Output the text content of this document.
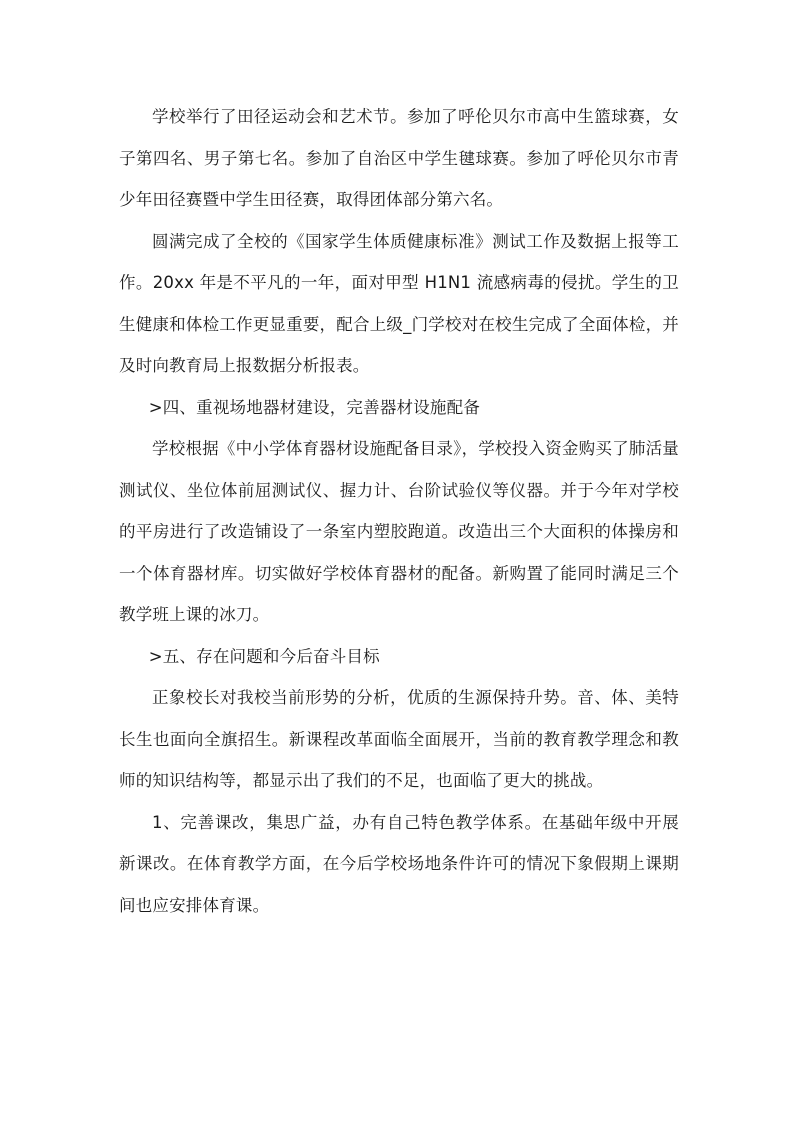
学校举行了田径运动会和艺术节。参加了呼伦贝尔市高中生篮球赛，女子第四名、男子第七名。参加了自治区中学生毽球赛。参加了呼伦贝尔市青少年田径赛暨中学生田径赛，取得团体部分第六名。

圆满完成了全校的《国家学生体质健康标准》测试工作及数据上报等工作。20xx 年是不平凡的一年，面对甲型 H1N1 流感病毒的侵扰。学生的卫生健康和体检工作更显重要，配合上级_门学校对在校生完成了全面体检，并及时向教育局上报数据分析报表。

>四、重视场地器材建设，完善器材设施配备

学校根据《中小学体育器材设施配备目录》，学校投入资金购买了肺活量测试仪、坐位体前屈测试仪、握力计、台阶试验仪等仪器。并于今年对学校的平房进行了改造铺设了一条室内塑胶跑道。改造出三个大面积的体操房和一个体育器材库。切实做好学校体育器材的配备。新购置了能同时满足三个教学班上课的冰刀。

>五、存在问题和今后奋斗目标

正象校长对我校当前形势的分析，优质的生源保持升势。音、体、美特长生也面向全旗招生。新课程改革面临全面展开，当前的教育教学理念和教师的知识结构等，都显示出了我们的不足，也面临了更大的挑战。

1、完善课改，集思广益，办有自己特色教学体系。在基础年级中开展新课改。在体育教学方面，在今后学校场地条件许可的情况下象假期上课期间也应安排体育课。
